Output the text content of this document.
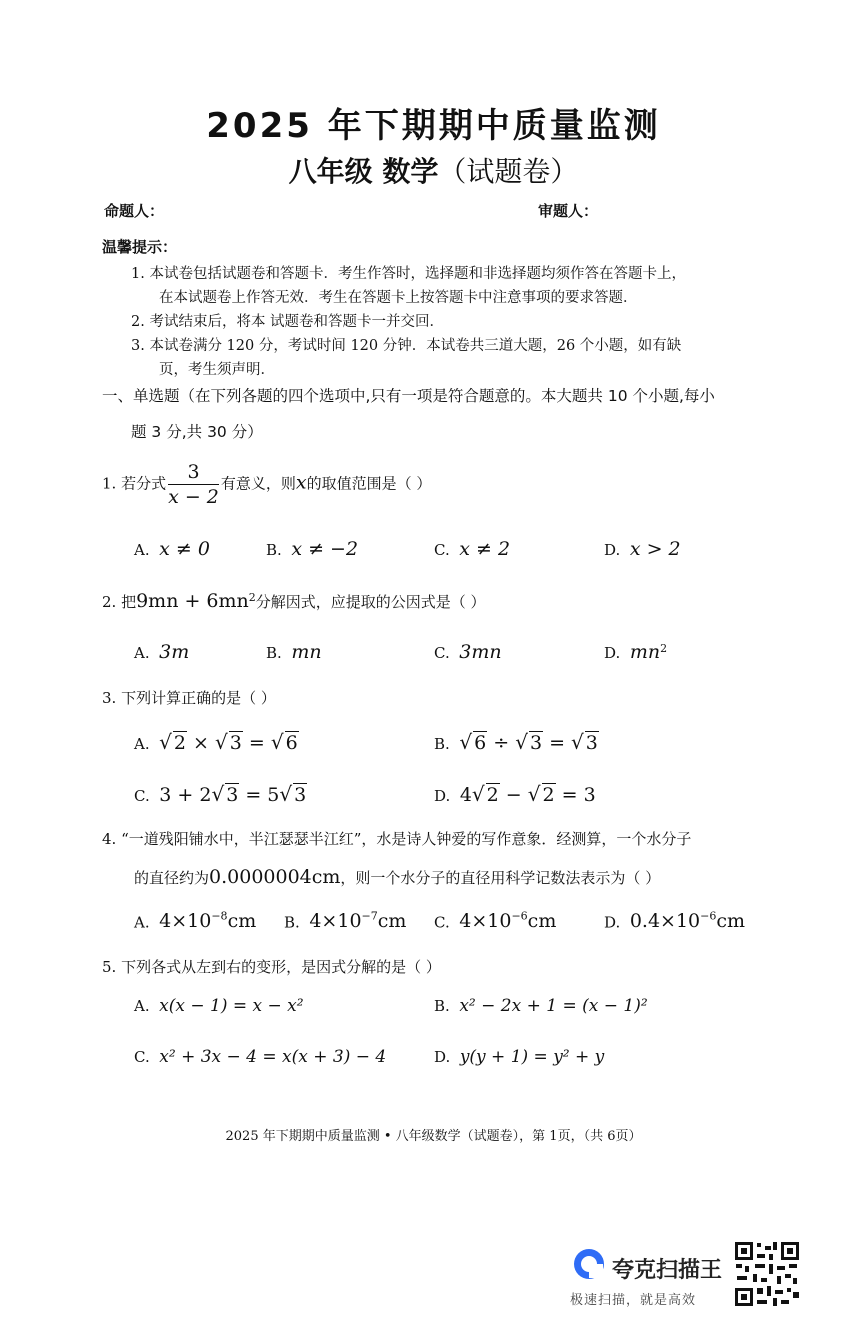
2025 年下期期中质量监测
八年级 数学（试题卷）
命题人：	审题人：
温馨提示：
1. 本试卷包括试题卷和答题卡．考生作答时，选择题和非选择题均须作答在答题卡上，
在本试题卷上作答无效．考生在答题卡上按答题卡中注意事项的要求答题．
2. 考试结束后，将本 试题卷和答题卡一并交回．
3. 本试卷满分 120 分，考试时间 120 分钟．本试卷共三道大题，26 个小题，如有缺
页，考生须声明．
一、单选题（在下列各题的四个选项中,只有一项是符合题意的。本大题共 10 个小题,每小
题 3 分,共 30 分）
1. 若分式 $\frac{3}{x - 2}$ 有意义，则x的取值范围是（ ）
A. x ≠ 0	B. x ≠ −2	C. x ≠ 2	D. x > 2
2. 把$9mn + 6mn^2$分解因式，应提取的公因式是（ ）
A. 3m	B. mn	C. 3mn	D. $mn^2$
3. 下列计算正确的是（ ）
A. √ 2 × √ 3 = √ 6	B. √ 6 ÷ √ 3 = √ 3
C. 3 + 2√ 3 = 5√ 3	D. 4√ 2 − √ 2 = 3
4. “一道残阳铺水中，半江瑟瑟半江红”，水是诗人钟爱的写作意象．经测算，一个水分子
的直径约为0.0000004cm，则一个水分子的直径用科学记数法表示为（ ）
A. $4\times 10^{-8}cm$ B. $4\times 10^{-7}cm$ C. $4\times 10^{-6}cm$	D. $0.4\times 10^{-6}cm$
5. 下列各式从左到右的变形，是因式分解的是（ ）
A. x(x − 1) = x − x²	B. x² − 2x + 1 = (x − 1)²
C. x² + 3x − 4 = x(x + 3) − 4	D. y(y + 1) = y² + y
2025 年下期期中质量监测 • 八年级数学（试题卷），第 1页，（共 6页）
夸克扫描王
极速扫描，就是高效
